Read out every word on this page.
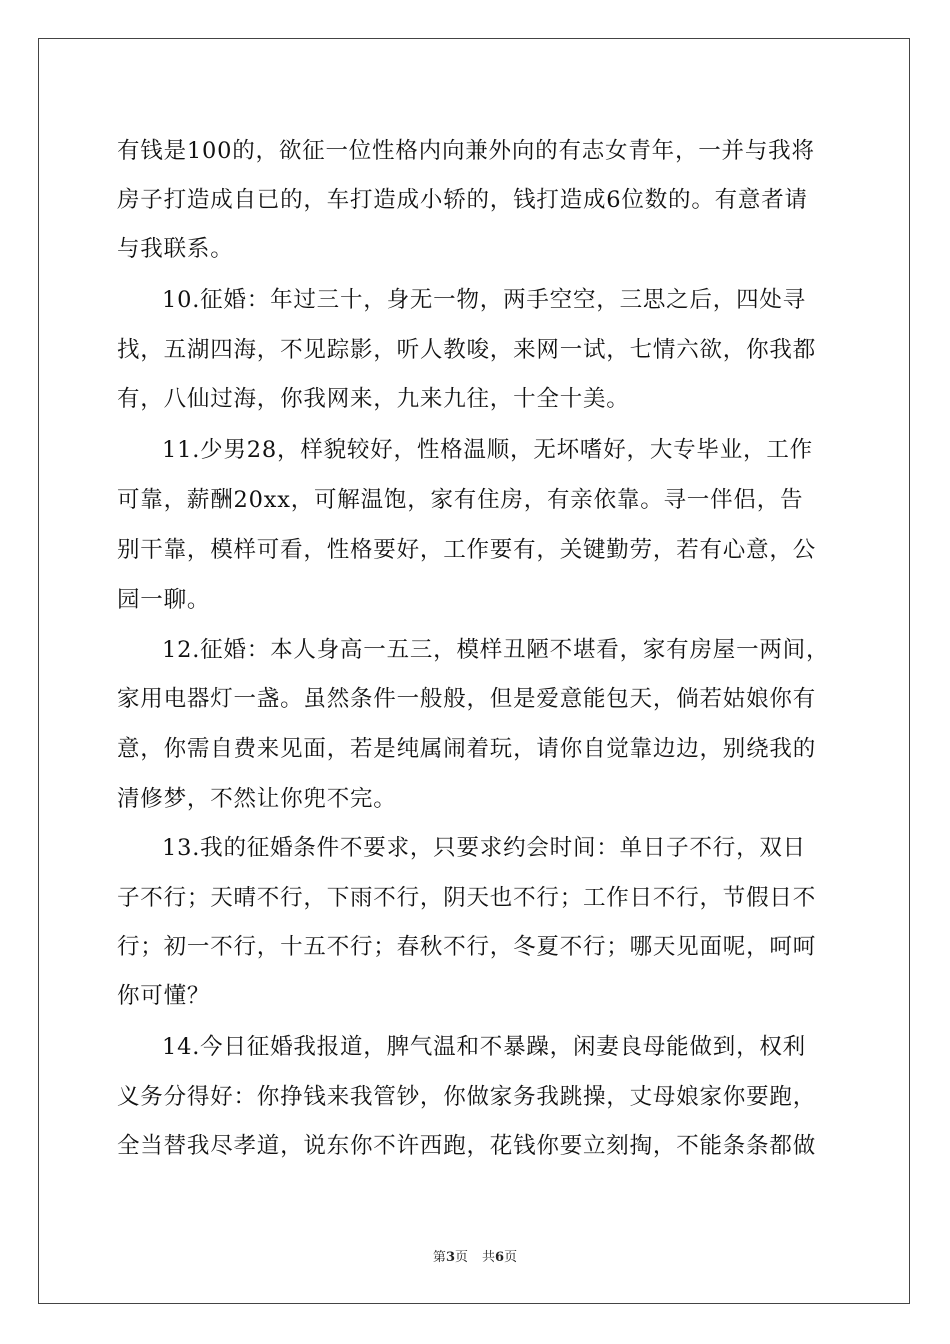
有钱是100的，欲征一位性格内向兼外向的有志女青年，一并与我将
房子打造成自已的，车打造成小轿的，钱打造成6位数的。有意者请
与我联系。
10.征婚：年过三十，身无一物，两手空空，三思之后，四处寻
找，五湖四海，不见踪影，听人教唆，来网一试，七情六欲，你我都
有，八仙过海，你我网来，九来九往，十全十美。
11.少男28，样貌较好，性格温顺，无坏嗜好，大专毕业，工作
可靠，薪酬20xx，可解温饱，家有住房，有亲依靠。寻一伴侣，告
别干靠，模样可看，性格要好，工作要有，关键勤劳，若有心意，公
园一聊。
12.征婚：本人身高一五三，模样丑陋不堪看，家有房屋一两间，
家用电器灯一盏。虽然条件一般般，但是爱意能包天，倘若姑娘你有
意，你需自费来见面，若是纯属闹着玩，请你自觉靠边边，别绕我的
清修梦，不然让你兜不完。
13.我的征婚条件不要求，只要求约会时间：单日子不行，双日
子不行；天晴不行，下雨不行，阴天也不行；工作日不行，节假日不
行；初一不行，十五不行；春秋不行，冬夏不行；哪天见面呢，呵呵
你可懂？
14.今日征婚我报道，脾气温和不暴躁，闲妻良母能做到，权利
义务分得好：你挣钱来我管钞，你做家务我跳操，丈母娘家你要跑，
全当替我尽孝道，说东你不许西跑，花钱你要立刻掏，不能条条都做
第3页 共6页
